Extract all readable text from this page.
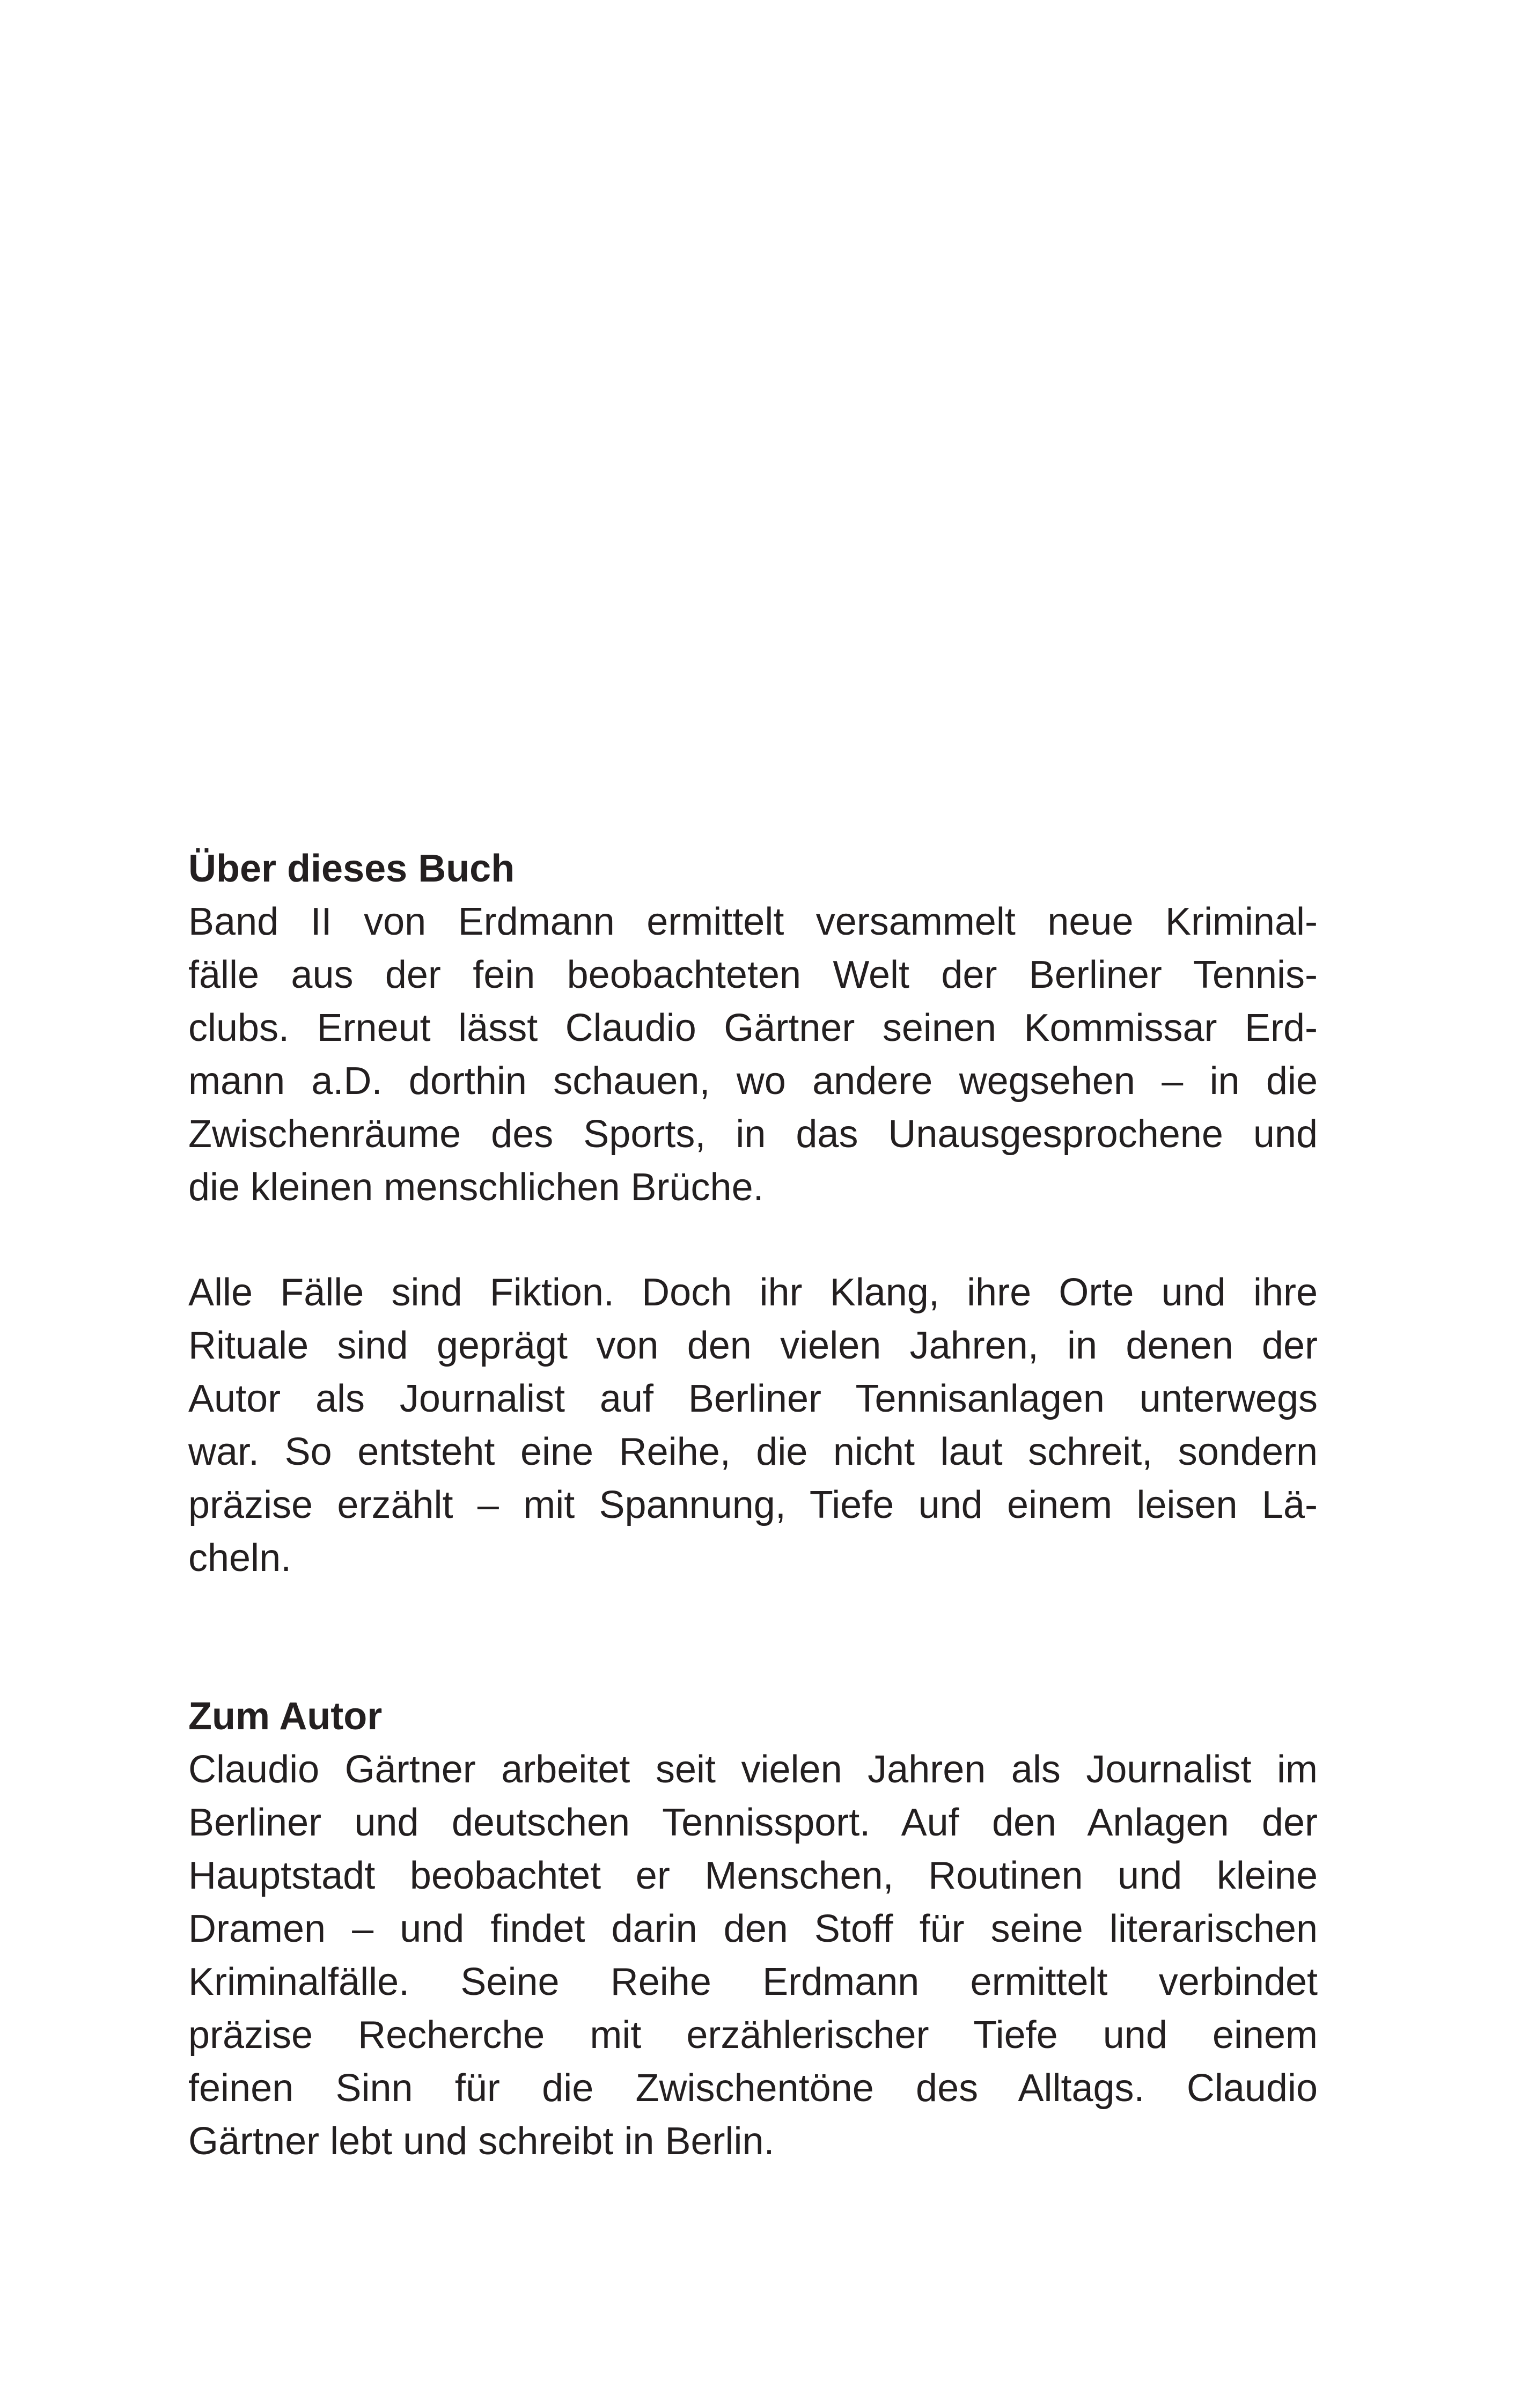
Über dieses Buch

Band II von Erdmann ermittelt versammelt neue Kriminal-

fälle aus der fein beobachteten Welt der Berliner Tennis-

clubs. Erneut lässt Claudio Gärtner seinen Kommissar Erd-

mann a.D. dorthin schauen, wo andere wegsehen – in die

Zwischenräume des Sports, in das Unausgesprochene und

die kleinen menschlichen Brüche.

Alle Fälle sind Fiktion. Doch ihr Klang, ihre Orte und ihre

Rituale sind geprägt von den vielen Jahren, in denen der

Autor als Journalist auf Berliner Tennisanlagen unterwegs

war. So entsteht eine Reihe, die nicht laut schreit, sondern

präzise erzählt – mit Spannung, Tiefe und einem leisen Lä-

cheln.

Zum Autor

Claudio Gärtner arbeitet seit vielen Jahren als Journalist im

Berliner und deutschen Tennissport. Auf den Anlagen der

Hauptstadt beobachtet er Menschen, Routinen und kleine

Dramen – und findet darin den Stoff für seine literarischen

Kriminalfälle. Seine Reihe Erdmann ermittelt verbindet

präzise Recherche mit erzählerischer Tiefe und einem

feinen Sinn für die Zwischentöne des Alltags. Claudio

Gärtner lebt und schreibt in Berlin.
